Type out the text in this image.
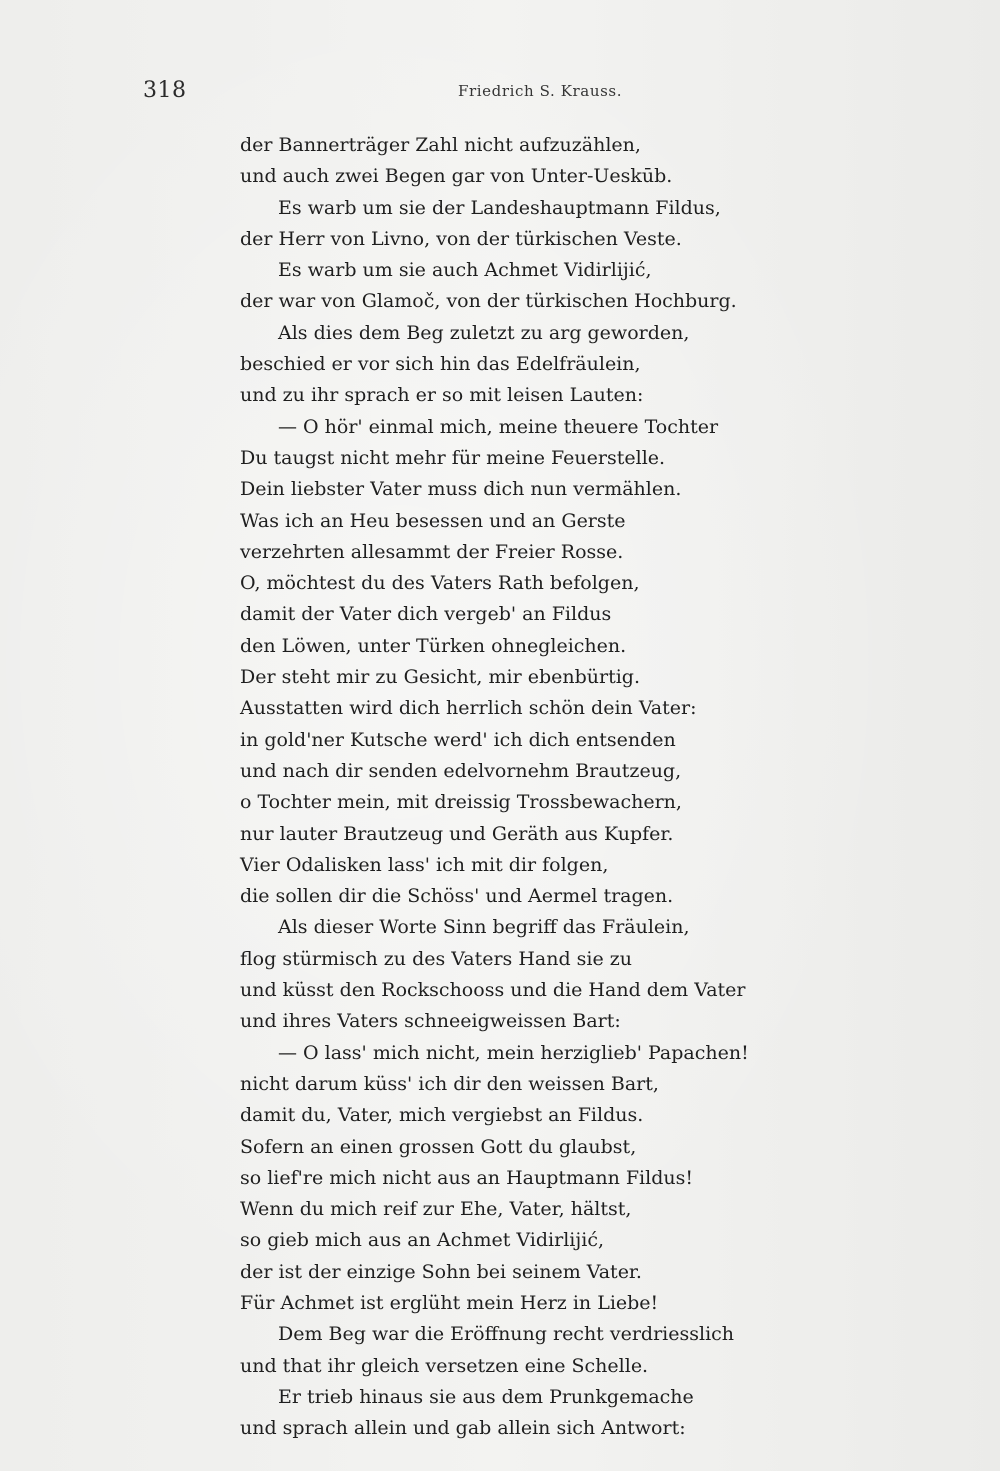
318	Friedrich S. Krauss.
der Bannerträger Zahl nicht aufzuzählen,
und auch zwei Begen gar von Unter-Ueskūb.
Es warb um sie der Landeshauptmann Fildus,
der Herr von Livno, von der türkischen Veste.
Es warb um sie auch Achmet Vidirlijić,
der war von Glamoč, von der türkischen Hochburg.
Als dies dem Beg zuletzt zu arg geworden,
beschied er vor sich hin das Edelfräulein,
und zu ihr sprach er so mit leisen Lauten:
— O hör' einmal mich, meine theuere Tochter
Du taugst nicht mehr für meine Feuerstelle.
Dein liebster Vater muss dich nun vermählen.
Was ich an Heu besessen und an Gerste
verzehrten allesammt der Freier Rosse.
O, möchtest du des Vaters Rath befolgen,
damit der Vater dich vergeb' an Fildus
den Löwen, unter Türken ohnegleichen.
Der steht mir zu Gesicht, mir ebenbürtig.
Ausstatten wird dich herrlich schön dein Vater:
in gold'ner Kutsche werd' ich dich entsenden
und nach dir senden edelvornehm Brautzeug,
o Tochter mein, mit dreissig Trossbewachern,
nur lauter Brautzeug und Geräth aus Kupfer.
Vier Odalisken lass' ich mit dir folgen,
die sollen dir die Schöss' und Aermel tragen.
Als dieser Worte Sinn begriff das Fräulein,
flog stürmisch zu des Vaters Hand sie zu
und küsst den Rockschooss und die Hand dem Vater
und ihres Vaters schneeigweissen Bart:
— O lass' mich nicht, mein herziglieb' Papachen!
nicht darum küss' ich dir den weissen Bart,
damit du, Vater, mich vergiebst an Fildus.
Sofern an einen grossen Gott du glaubst,
so lief're mich nicht aus an Hauptmann Fildus!
Wenn du mich reif zur Ehe, Vater, hältst,
so gieb mich aus an Achmet Vidirlijić,
der ist der einzige Sohn bei seinem Vater.
Für Achmet ist erglüht mein Herz in Liebe!
Dem Beg war die Eröffnung recht verdriesslich
und that ihr gleich versetzen eine Schelle.
Er trieb hinaus sie aus dem Prunkgemache
und sprach allein und gab allein sich Antwort:
